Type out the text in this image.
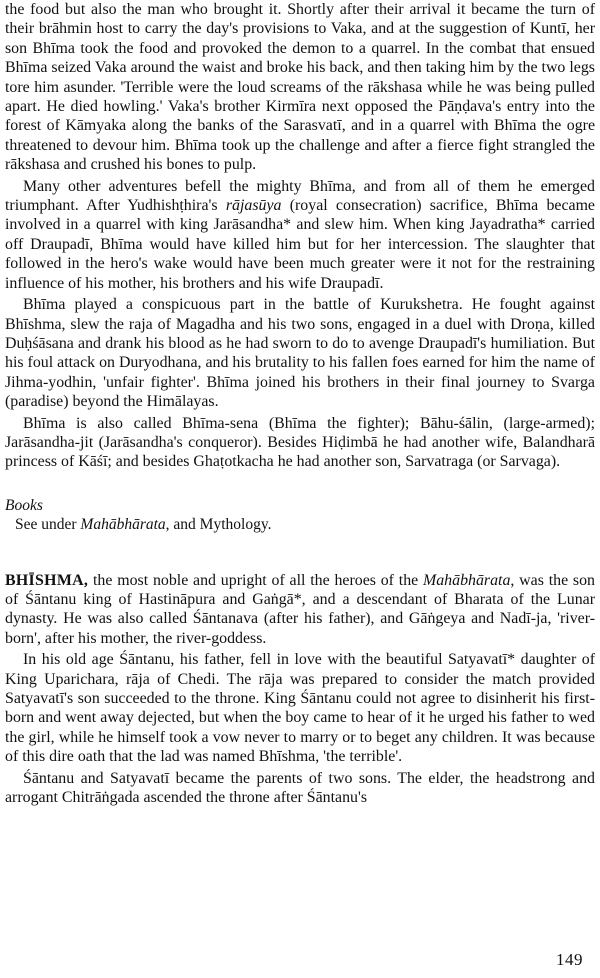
the food but also the man who brought it. Shortly after their arrival it became the turn of their brāhmin host to carry the day's provisions to Vaka, and at the suggestion of Kuntī, her son Bhīma took the food and provoked the demon to a quarrel. In the combat that ensued Bhīma seized Vaka around the waist and broke his back, and then taking him by the two legs tore him asunder. 'Terrible were the loud screams of the rākshasa while he was being pulled apart. He died howling.' Vaka's brother Kirmīra next opposed the Pāṇḍava's entry into the forest of Kāmyaka along the banks of the Sarasvatī, and in a quarrel with Bhīma the ogre threatened to devour him. Bhīma took up the challenge and after a fierce fight strangled the rākshasa and crushed his bones to pulp.

Many other adventures befell the mighty Bhīma, and from all of them he emerged triumphant. After Yudhishṭhira's rājasūya (royal consecration) sacrifice, Bhīma became involved in a quarrel with king Jarāsandha* and slew him. When king Jayadratha* carried off Draupadī, Bhīma would have killed him but for her intercession. The slaughter that followed in the hero's wake would have been much greater were it not for the restraining influence of his mother, his brothers and his wife Draupadī.

Bhīma played a conspicuous part in the battle of Kurukshetra. He fought against Bhīshma, slew the raja of Magadha and his two sons, engaged in a duel with Droṇa, killed Duḥśāsana and drank his blood as he had sworn to do to avenge Draupadī's humiliation. But his foul attack on Duryodhana, and his brutality to his fallen foes earned for him the name of Jihma-yodhin, 'unfair fighter'. Bhīma joined his brothers in their final journey to Svarga (paradise) beyond the Himālayas.

Bhīma is also called Bhīma-sena (Bhīma the fighter); Bāhu-śālin, (large-armed); Jarāsandha-jit (Jarāsandha's conqueror). Besides Hiḍimbā he had another wife, Balandharā princess of Kāśī; and besides Ghaṭotkacha he had another son, Sarvatraga (or Sarvaga).

Books
See under Mahābhārata, and Mythology.

BHĪSHMA, the most noble and upright of all the heroes of the Mahābhārata, was the son of Śāntanu king of Hastināpura and Gaṅgā*, and a descendant of Bharata of the Lunar dynasty. He was also called Śāntanava (after his father), and Gāṅgeya and Nadī-ja, 'river-born', after his mother, the river-goddess.

In his old age Śāntanu, his father, fell in love with the beautiful Satyavatī* daughter of King Uparichara, rāja of Chedi. The rāja was prepared to consider the match provided Satyavatī's son succeeded to the throne. King Śāntanu could not agree to disinherit his first-born and went away dejected, but when the boy came to hear of it he urged his father to wed the girl, while he himself took a vow never to marry or to beget any children. It was because of this dire oath that the lad was named Bhīshma, 'the terrible'.

Śāntanu and Satyavatī became the parents of two sons. The elder, the headstrong and arrogant Chitrāṅgada ascended the throne after Śāntanu's

149
